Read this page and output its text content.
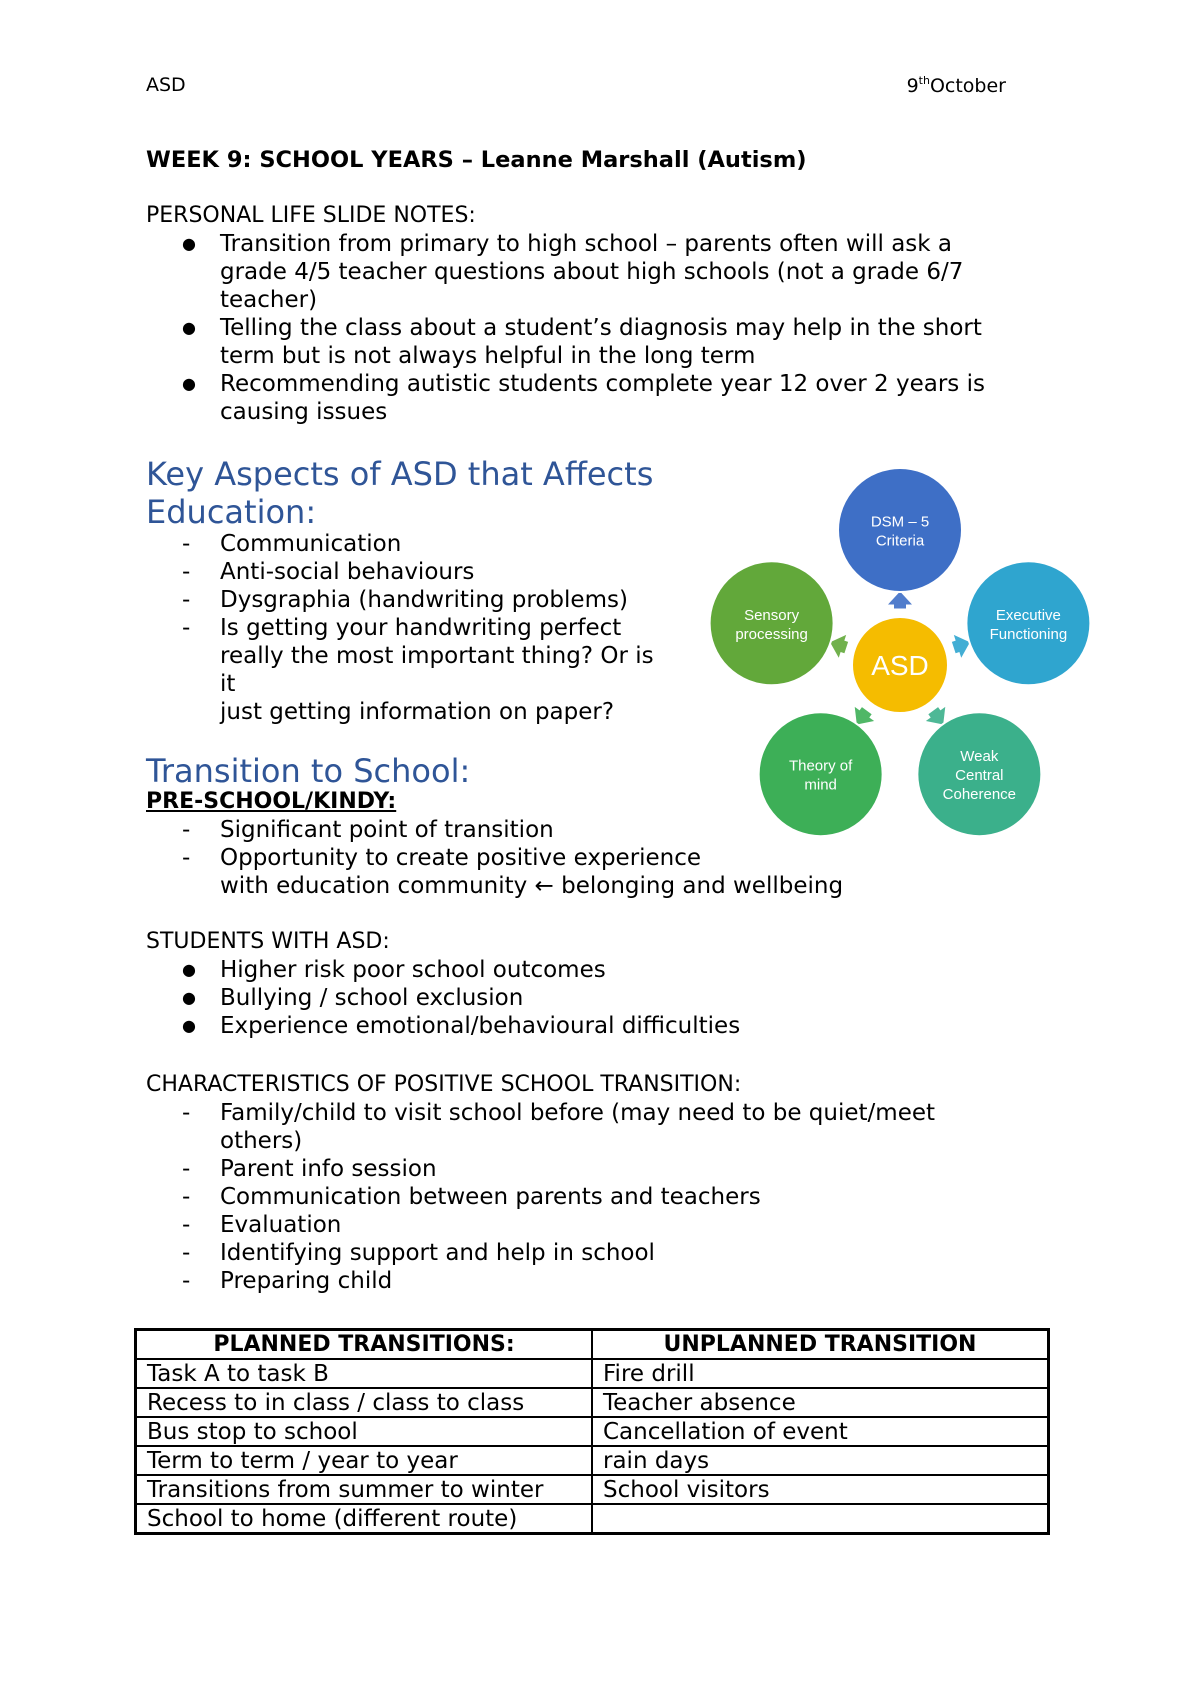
ASD	9thOctober
WEEK 9: SCHOOL YEARS – Leanne Marshall (Autism)
PERSONAL LIFE SLIDE NOTES:
●
Transition from primary to high school – parents often will ask a
grade 4/5 teacher questions about high schools (not a grade 6/7
teacher)
●
Telling the class about a student’s diagnosis may help in the short
term but is not always helpful in the long term
●
Recommending autistic students complete year 12 over 2 years is
causing issues
Key Aspects of ASD that Affects
Education:
-
Communication
-
Anti-social behaviours
-
Dysgraphia (handwriting problems)
-
Is getting your handwriting perfect
really the most important thing? Or is
it
just getting information on paper?
DSM – 5
Criteria
Executive
Functioning
Weak
Central
Coherence
Theory of
mind
Sensory
processing
ASD
Transition to School:
PRE-SCHOOL/KINDY:
-
Significant point of transition
-
Opportunity to create positive experience
with education community ← belonging and wellbeing
STUDENTS WITH ASD:
●
Higher risk poor school outcomes
●
Bullying / school exclusion
●
Experience emotional/behavioural difficulties
CHARACTERISTICS OF POSITIVE SCHOOL TRANSITION:
-
Family/child to visit school before (may need to be quiet/meet
others)
-
Parent info session
-
Communication between parents and teachers
-
Evaluation
-
Identifying support and help in school
-
Preparing child
PLANNED TRANSITIONS:	UNPLANNED TRANSITION
Task A to task B	Fire drill
Recess to in class / class to class	Teacher absence
Bus stop to school	Cancellation of event
Term to term / year to year	rain days
Transitions from summer to winter	School visitors
School to home (different route)	
